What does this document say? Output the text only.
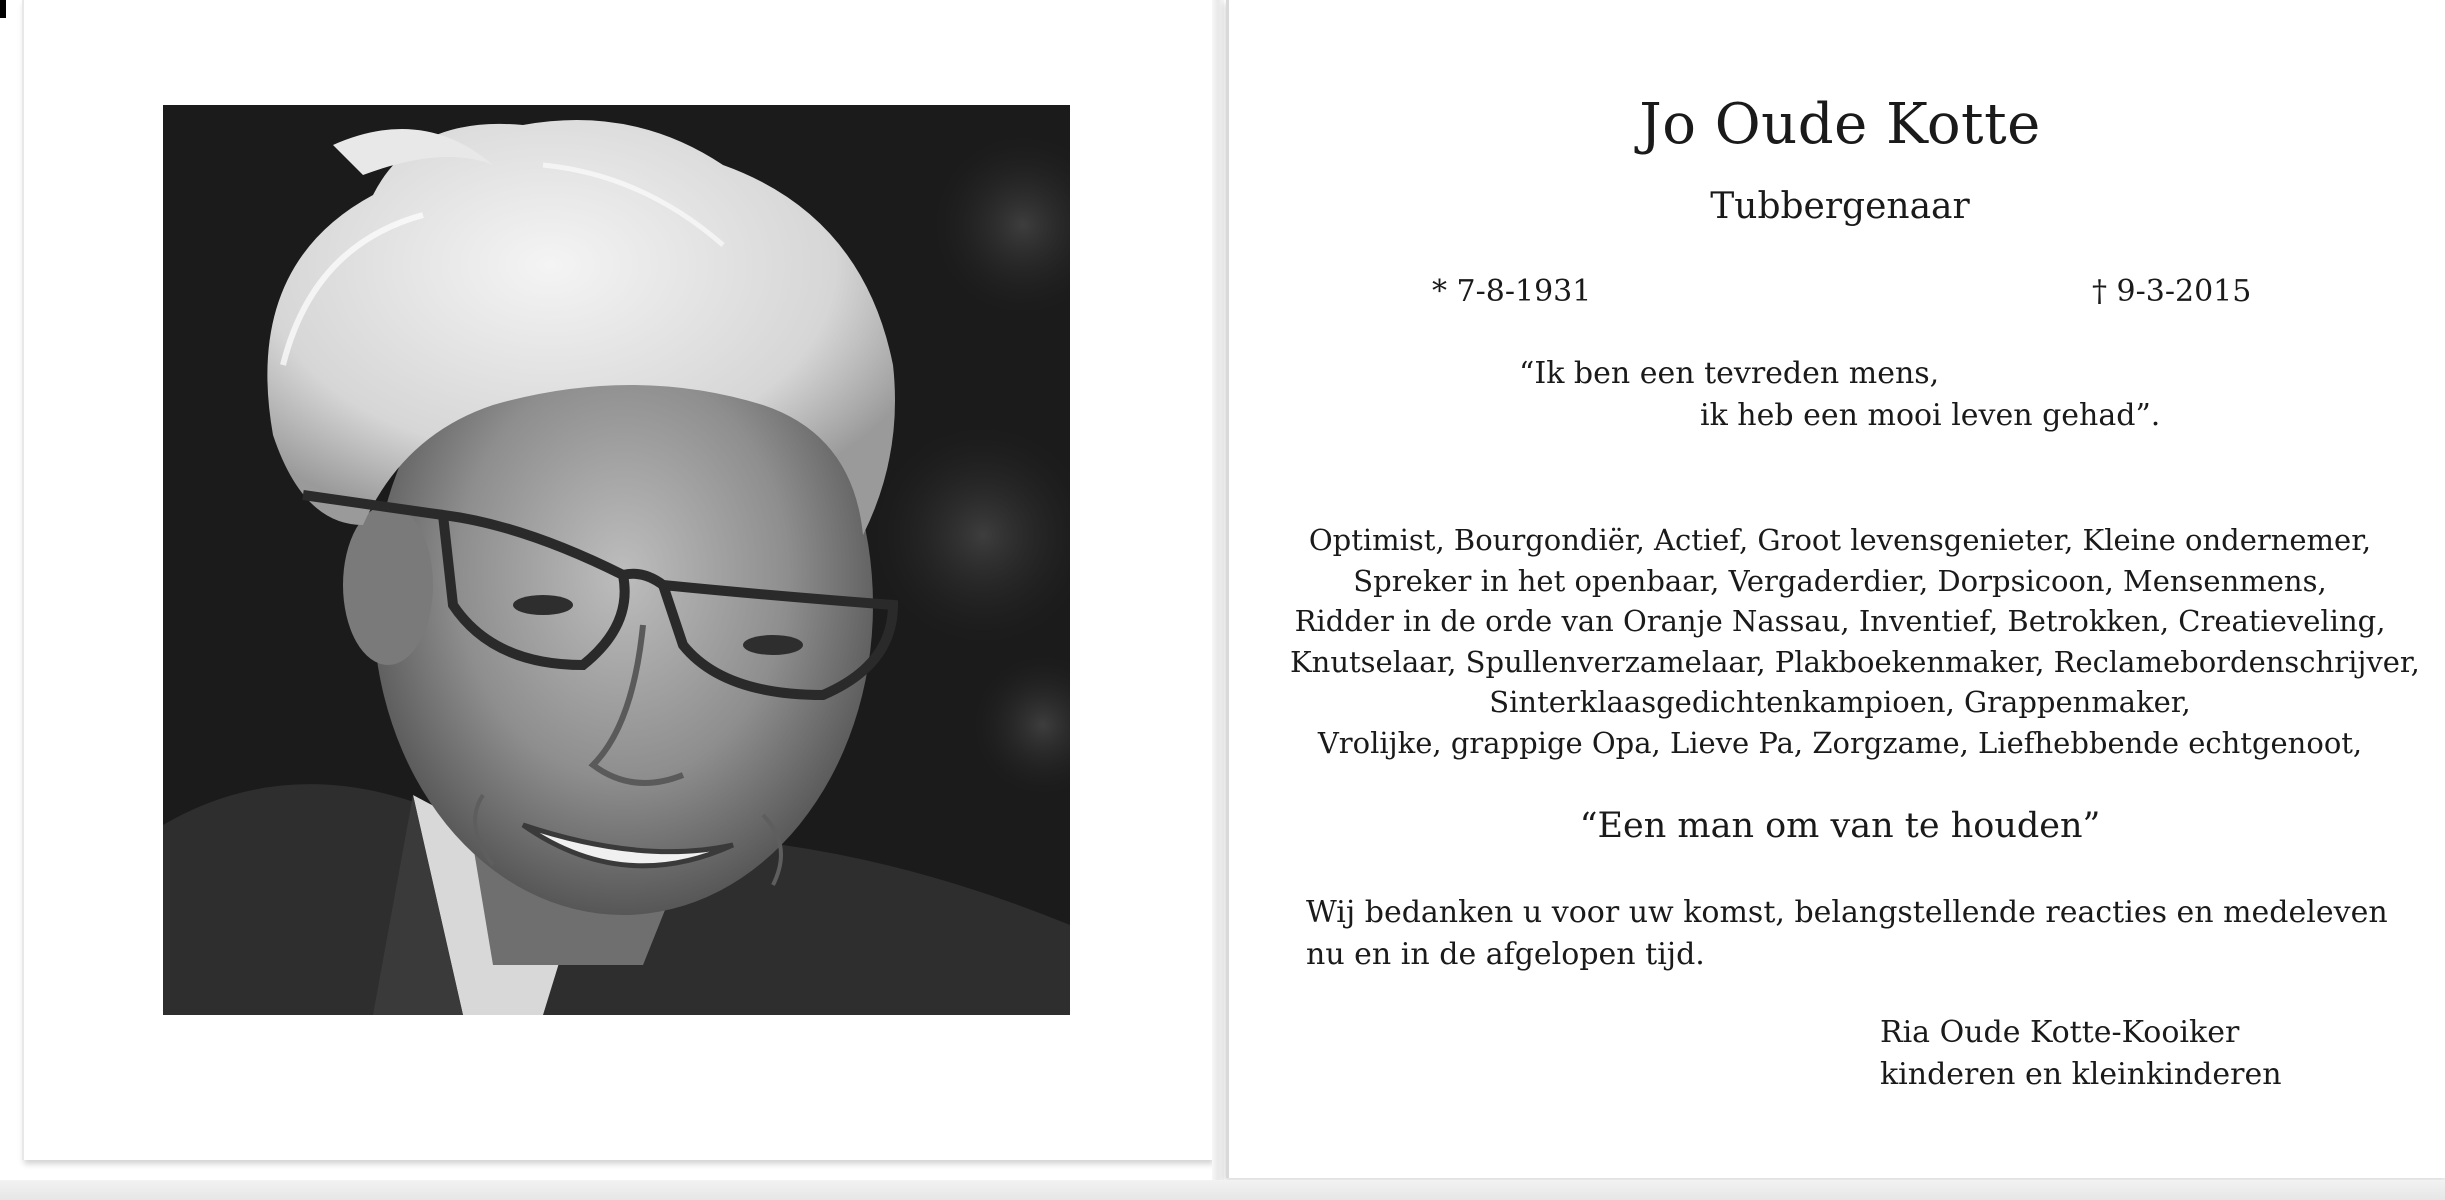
Jo Oude Kotte
Tubbergenaar
* 7-8-1931	† 9-3-2015
“Ik ben een tevreden mens,
ik heb een mooi leven gehad”.
Optimist, Bourgondiër, Actief, Groot levensgenieter, Kleine ondernemer,
Spreker in het openbaar, Vergaderdier, Dorpsicoon, Mensenmens,
Ridder in de orde van Oranje Nassau, Inventief, Betrokken, Creatieveling,
Knutselaar, Spullenverzamelaar, Plakboekenmaker, Reclamebordenschrijver,
Sinterklaasgedichtenkampioen, Grappenmaker,
Vrolijke, grappige Opa, Lieve Pa, Zorgzame, Liefhebbende echtgenoot,
“Een man om van te houden”
Wij bedanken u voor uw komst, belangstellende reacties en medeleven
nu en in de afgelopen tijd.
Ria Oude Kotte-Kooiker
kinderen en kleinkinderen
